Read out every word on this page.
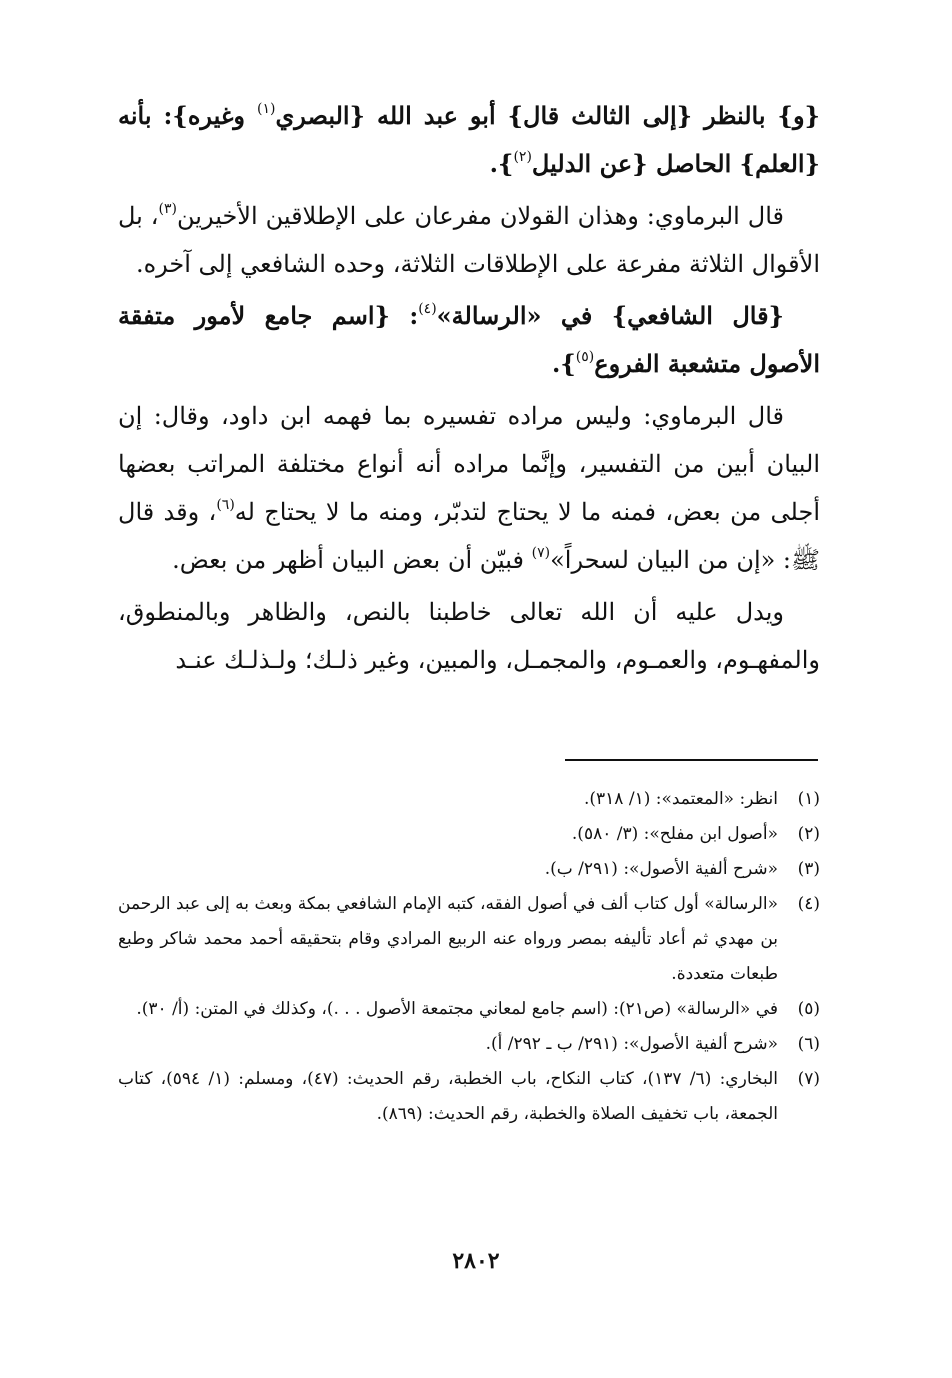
{و} بالنظر {إلى الثالث قال} أبو عبد الله {البصري$^{(١)}$ وغيره}: بأنه {العلم} الحاصل {عن الدليل$^{(٢)}$}.

قال البرماوي: وهذان القولان مفرعان على الإطلاقين الأخيرين$^{(٣)}$، بل الأقوال الثلاثة مفرعة على الإطلاقات الثلاثة، وحده الشافعي إلى آخره.

{قال الشافعي} في «الرسالة»$^{(٤)}$: {اسم جامع لأمور متفقة الأصول متشعبة الفروع$^{(٥)}$}.

قال البرماوي: وليس مراده تفسيره بما فهمه ابن داود، وقال: إن البيان أبين من التفسير، وإنَّما مراده أنه أنواع مختلفة المراتب بعضها أجلى من بعض، فمنه ما لا يحتاج لتدبّر، ومنه ما لا يحتاج له$^{(٦)}$، وقد قال ﷺ: «إن من البيان لسحراً»$^{(٧)}$ فبيّن أن بعض البيان أظهر من بعض.

ويدل عليه أن الله تعالى خاطبنا بالنص، والظاهر وبالمنطوق، والمفهـوم، والعمـوم، والمجمـل، والمبين، وغير ذلـك؛ ولـذلـك عنـد

(١)
انظر: «المعتمد»: (١/ ٣١٨).
(٢)
«أصول ابن مفلح»: (٣/ ٥٨٠).
(٣)
«شرح ألفية الأصول»: (٢٩١/ ب).
(٤)
«الرسالة» أول كتاب ألف في أصول الفقه، كتبه الإمام الشافعي بمكة وبعث به إلى عبد الرحمن بن مهدي ثم أعاد تأليفه بمصر ورواه عنه الربيع المرادي وقام بتحقيقه أحمد محمد شاكر وطبع طبعات متعددة.
(٥)
في «الرسالة» (ص٢١): (اسم جامع لمعاني مجتمعة الأصول . . .)، وكذلك في المتن: (أ/ ٣٠).
(٦)
«شرح ألفية الأصول»: (٢٩١/ ب ـ ٢٩٢/ أ).
(٧)
البخاري: (٦/ ١٣٧)، كتاب النكاح، باب الخطبة، رقم الحديث: (٤٧)، ومسلم: (١/ ٥٩٤)، كتاب الجمعة، باب تخفيف الصلاة والخطبة، رقم الحديث: (٨٦٩).
٢٨٠٢
